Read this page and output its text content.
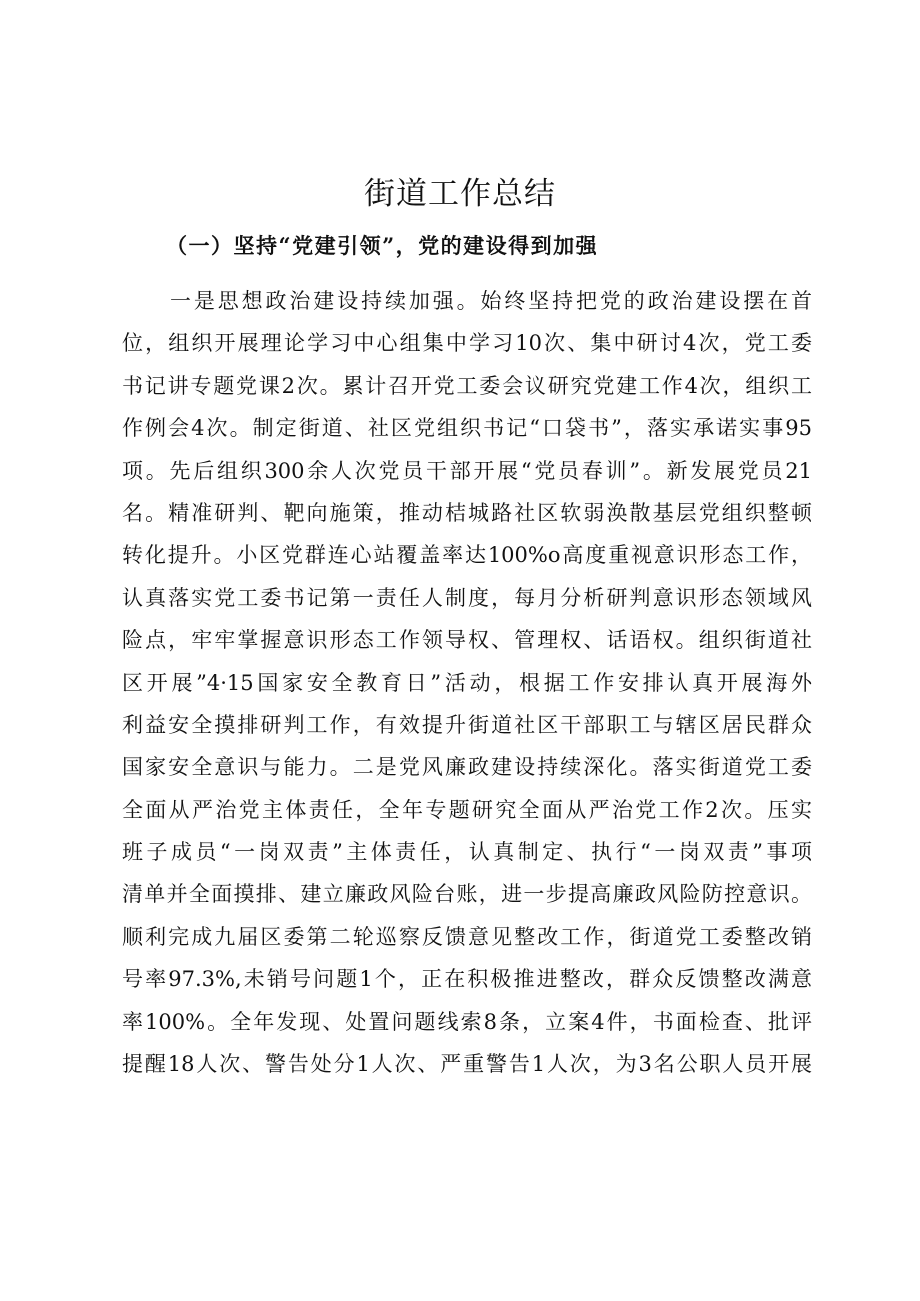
街道工作总结
（一）坚持“党建引领”，党的建设得到加强
一是思想政治建设持续加强。始终坚持把党的政治建设摆在首
位，组织开展理论学习中心组集中学习10次、集中研讨4次，党工委
书记讲专题党课2次。累计召开党工委会议研究党建工作4次，组织工
作例会4次。制定街道、社区党组织书记“口袋书”，落实承诺实事95
项。先后组织300余人次党员干部开展“党员春训”。新发展党员21
名。精准研判、靶向施策，推动桔城路社区软弱涣散基层党组织整顿
转化提升。小区党群连心站覆盖率达100%o高度重视意识形态工作，
认真落实党工委书记第一责任人制度，每月分析研判意识形态领域风
险点，牢牢掌握意识形态工作领导权、管理权、话语权。组织街道社
区开展”4·15国家安全教育日”活动，根据工作安排认真开展海外
利益安全摸排研判工作，有效提升街道社区干部职工与辖区居民群众
国家安全意识与能力。二是党风廉政建设持续深化。落实街道党工委
全面从严治党主体责任，全年专题研究全面从严治党工作2次。压实
班子成员“一岗双责”主体责任，认真制定、执行“一岗双责”事项
清单并全面摸排、建立廉政风险台账，进一步提高廉政风险防控意识。
顺利完成九届区委第二轮巡察反馈意见整改工作，街道党工委整改销
号率97.3%,未销号问题1个，正在积极推进整改，群众反馈整改满意
率100%。全年发现、处置问题线索8条，立案4件，书面检查、批评
提醒18人次、警告处分1人次、严重警告1人次，为3名公职人员开展
